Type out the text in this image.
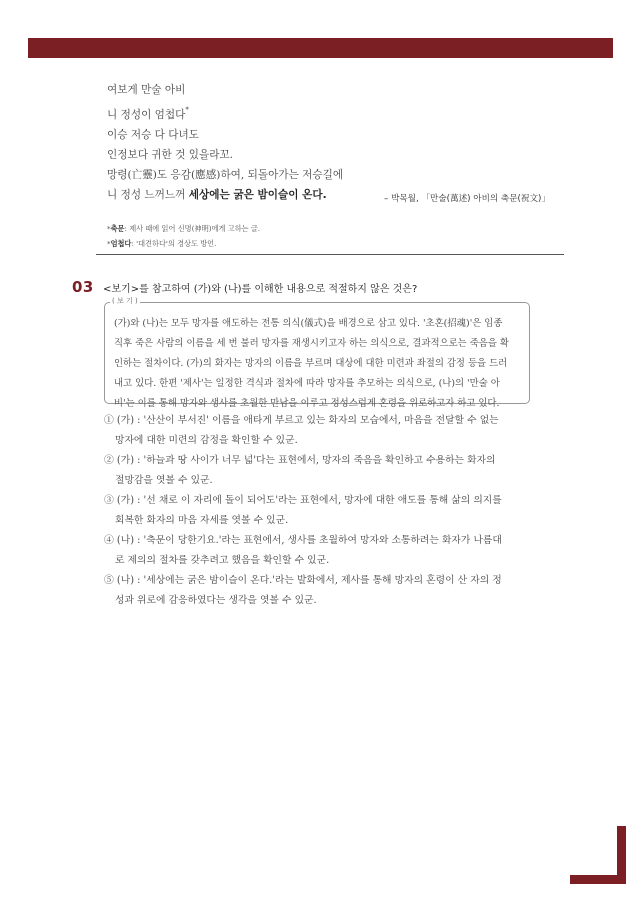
여보게 만술 아비
니 정성이 엄첩다*
이승 저승 다 다녀도
인정보다 귀한 것 있을라꼬.
망령(亡靈)도 응감(應感)하여, 되돌아가는 저승길에
니 정성 느꺼느꺼 세상에는 굵은 밤이슬이 온다.	– 박목월, 「만술(萬述) 아비의 축문(祝文)」
*축문: 제사 때에 읽어 신명(神明)에게 고하는 글.
*엄첩다: '대견하다'의 경상도 방언.
03 <보기>를 참고하여 (가)와 (나)를 이해한 내용으로 적절하지 않은 것은?
( 보 기 )

(가)와 (나)는 모두 망자를 애도하는 전통 의식(儀式)을 배경으로 삼고 있다. '초혼(招魂)'은 임종

직후 죽은 사람의 이름을 세 번 불러 망자를 재생시키고자 하는 의식으로, 결과적으로는 죽음을 확

인하는 절차이다. (가)의 화자는 망자의 이름을 부르며 대상에 대한 미련과 좌절의 감정 등을 드러

내고 있다. 한편 '제사'는 일정한 격식과 절차에 따라 망자를 추모하는 의식으로, (나)의 '만술 아

비'는 이를 통해 망자와 생사를 초월한 만남을 이루고 정성스럽게 혼령을 위로하고자 하고 있다.

① (가) : '산산이 부서진' 이름을 애타게 부르고 있는 화자의 모습에서, 마음을 전달할 수 없는
망자에 대한 미련의 감정을 확인할 수 있군.
② (가) : '하늘과 땅 사이가 너무 넓'다는 표현에서, 망자의 죽음을 확인하고 수용하는 화자의
절망감을 엿볼 수 있군.
③ (가) : '선 채로 이 자리에 돌이 되어도'라는 표현에서, 망자에 대한 애도를 통해 삶의 의지를
회복한 화자의 마음 자세를 엿볼 수 있군.
④ (나) : '축문이 당한기요.'라는 표현에서, 생사를 초월하여 망자와 소통하려는 화자가 나름대
로 제의의 절차를 갖추려고 했음을 확인할 수 있군.
⑤ (나) : '세상에는 굵은 밤이슬이 온다.'라는 발화에서, 제사를 통해 망자의 혼령이 산 자의 정
성과 위로에 감응하였다는 생각을 엿볼 수 있군.
